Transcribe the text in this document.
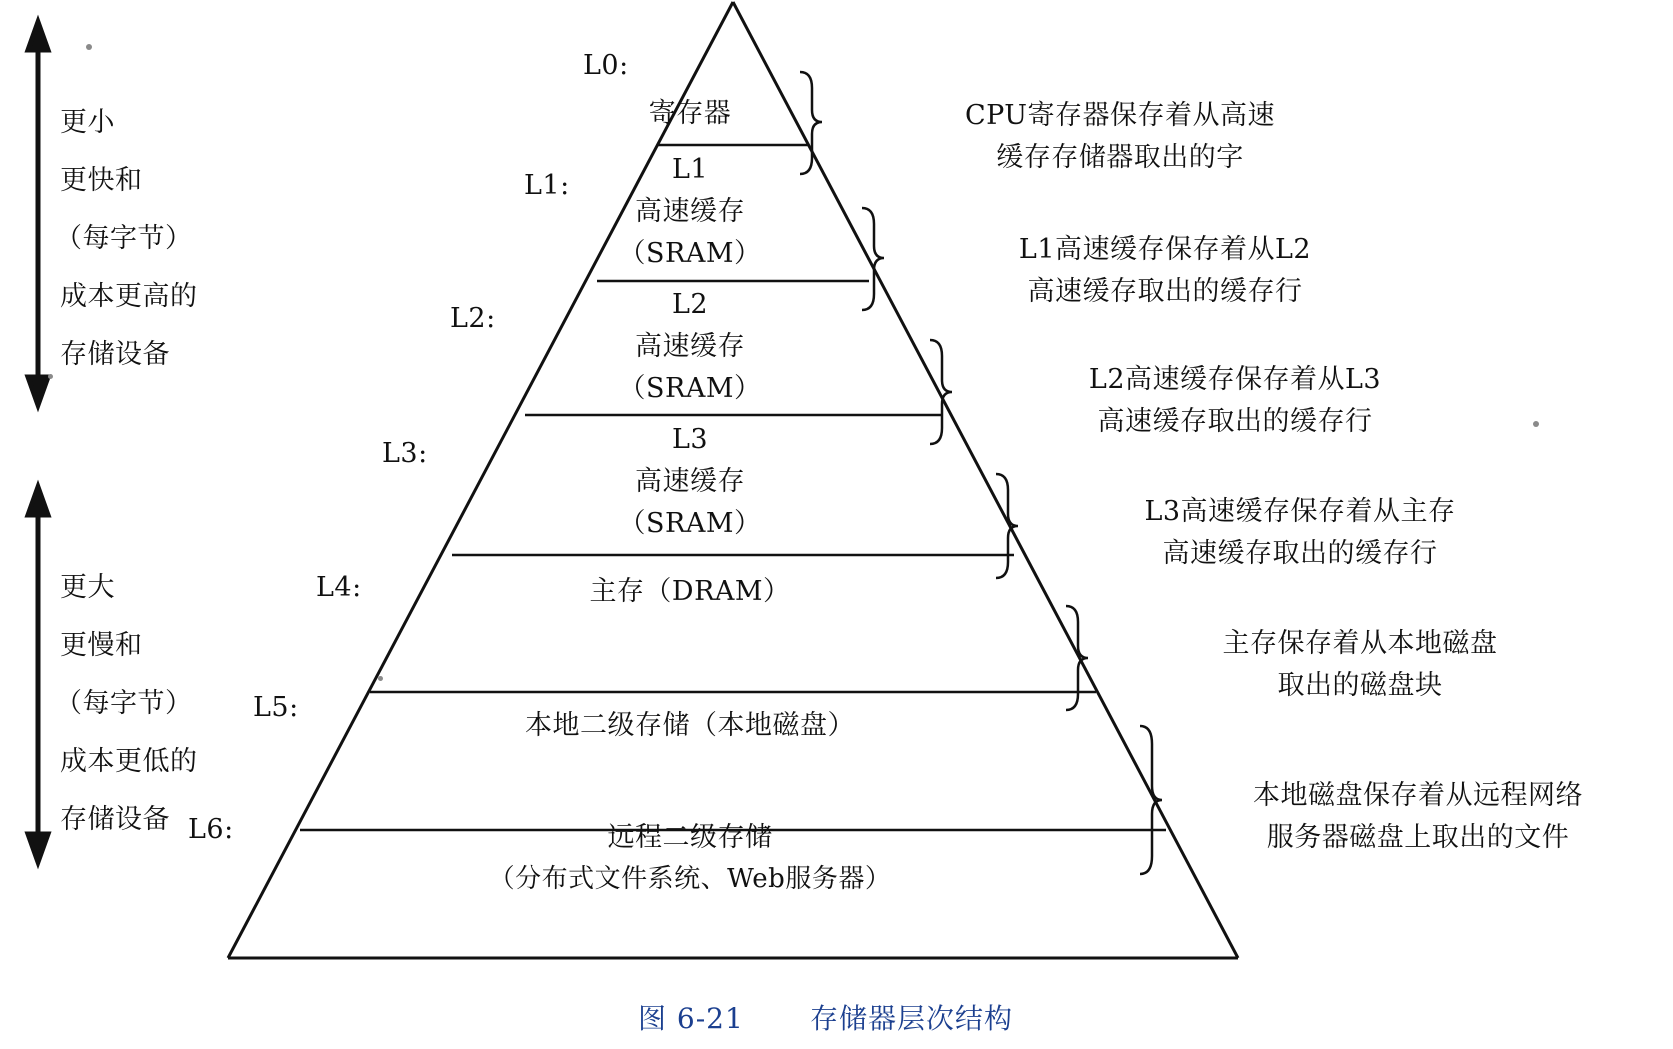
更小
更快和
（每字节）
成本更高的
存储设备
更大
更慢和
（每字节）
成本更低的
存储设备
L0:
L1:
L2:
L3:
L4:
L5:
L6:
寄存器
L1
高速缓存
（SRAM）
L2
高速缓存
（SRAM）
L3
高速缓存
（SRAM）
主存（DRAM）
本地二级存储（本地磁盘）
远程二级存储
（分布式文件系统、Web服务器）
CPU寄存器保存着从高速
缓存存储器取出的字
L1高速缓存保存着从L2
高速缓存取出的缓存行
L2高速缓存保存着从L3
高速缓存取出的缓存行
L3高速缓存保存着从主存
高速缓存取出的缓存行
主存保存着从本地磁盘
取出的磁盘块
本地磁盘保存着从远程网络
服务器磁盘上取出的文件
图 6-21 存储器层次结构
